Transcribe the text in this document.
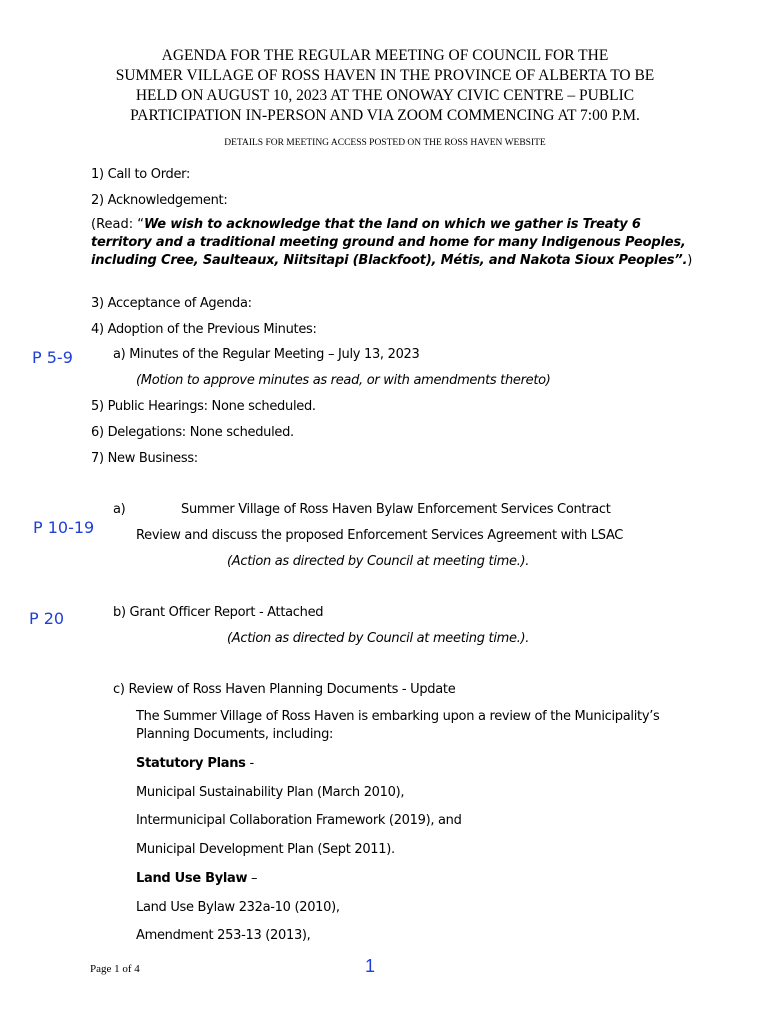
AGENDA FOR THE REGULAR MEETING OF COUNCIL FOR THE
SUMMER VILLAGE OF ROSS HAVEN IN THE PROVINCE OF ALBERTA TO BE
HELD ON AUGUST 10, 2023 AT THE ONOWAY CIVIC CENTRE – PUBLIC
PARTICIPATION IN-PERSON AND VIA ZOOM COMMENCING AT 7:00 P.M.
DETAILS FOR MEETING ACCESS POSTED ON THE ROSS HAVEN WEBSITE
1) Call to Order:
2) Acknowledgement:
(Read: “We wish to acknowledge that the land on which we gather is Treaty 6
territory and a traditional meeting ground and home for many Indigenous Peoples,
including Cree, Saulteaux, Niitsitapi (Blackfoot), Métis, and Nakota Sioux Peoples”.)
3) Acceptance of Agenda:
4) Adoption of the Previous Minutes:
P 5-9	a) Minutes of the Regular Meeting – July 13, 2023
(Motion to approve minutes as read, or with amendments thereto)
5) Public Hearings: None scheduled.
6) Delegations: None scheduled.
7) New Business:
a)	Summer Village of Ross Haven Bylaw Enforcement Services Contract
P 10-19	Review and discuss the proposed Enforcement Services Agreement with LSAC
(Action as directed by Council at meeting time.).
P 20	b) Grant Officer Report - Attached
(Action as directed by Council at meeting time.).
c) Review of Ross Haven Planning Documents - Update
The Summer Village of Ross Haven is embarking upon a review of the Municipality’s
Planning Documents, including:
Statutory Plans -
Municipal Sustainability Plan (March 2010),
Intermunicipal Collaboration Framework (2019), and
Municipal Development Plan (Sept 2011).
Land Use Bylaw –
Land Use Bylaw 232a-10 (2010),
Amendment 253-13 (2013),
Page 1 of 4	1
